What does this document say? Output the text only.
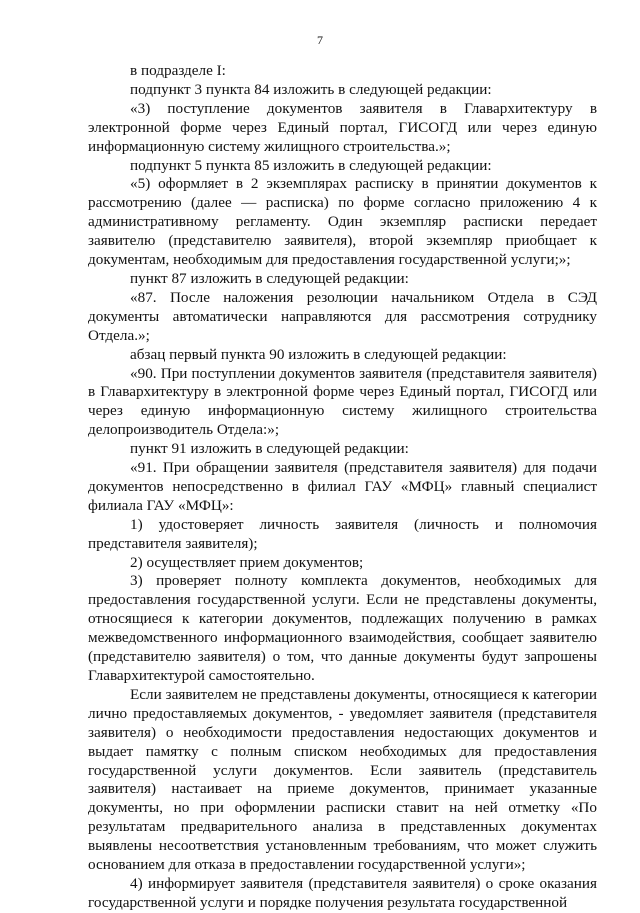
7

в подразделе I:

подпункт 3 пункта 84 изложить в следующей редакции:

«3) поступление документов заявителя в Главархитектуру в электронной форме через Единый портал, ГИСОГД или через единую информационную систему жилищного строительства.»;

подпункт 5 пункта 85 изложить в следующей редакции:

«5) оформляет в 2 экземплярах расписку в принятии документов к рассмотрению (далее — расписка) по форме согласно приложению 4 к административному регламенту. Один экземпляр расписки передает заявителю (представителю заявителя), второй экземпляр приобщает к документам, необходимым для предоставления государственной услуги;»;

пункт 87 изложить в следующей редакции:

«87. После наложения резолюции начальником Отдела в СЭД документы автоматически направляются для рассмотрения сотруднику Отдела.»;

абзац первый пункта 90 изложить в следующей редакции:

«90. При поступлении документов заявителя (представителя заявителя) в Главархитектуру в электронной форме через Единый портал, ГИСОГД или через единую информационную систему жилищного строительства делопроизводитель Отдела:»;

пункт 91 изложить в следующей редакции:

«91. При обращении заявителя (представителя заявителя) для подачи документов непосредственно в филиал ГАУ «МФЦ» главный специалист филиала ГАУ «МФЦ»:

1) удостоверяет личность заявителя (личность и полномочия представителя заявителя);

2) осуществляет прием документов;

3) проверяет полноту комплекта документов, необходимых для предоставления государственной услуги. Если не представлены документы, относящиеся к категории документов, подлежащих получению в рамках межведомственного информационного взаимодействия, сообщает заявителю (представителю заявителя) о том, что данные документы будут запрошены Главархитектурой самостоятельно.

Если заявителем не представлены документы, относящиеся к категории лично предоставляемых документов, - уведомляет заявителя (представителя заявителя) о необходимости предоставления недостающих документов и выдает памятку с полным списком необходимых для предоставления государственной услуги документов. Если заявитель (представитель заявителя) настаивает на приеме документов, принимает указанные документы, но при оформлении расписки ставит на ней отметку «По результатам предварительного анализа в представленных документах выявлены несоответствия установленным требованиям, что может служить основанием для отказа в предоставлении государственной услуги»;

4) информирует заявителя (представителя заявителя) о сроке оказания государственной услуги и порядке получения результата государственной
